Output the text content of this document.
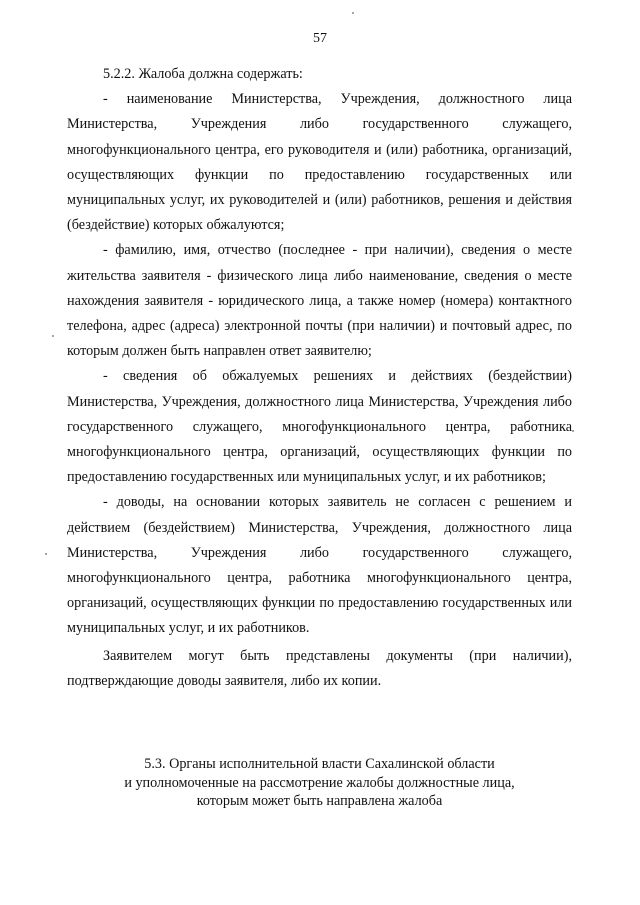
57

5.2.2. Жалоба должна содержать:

- наименование Министерства, Учреждения, должностного лица Министерства, Учреждения либо государственного служащего, многофункционального центра, его руководителя и (или) работника, организаций, осуществляющих функции по предоставлению государственных или муниципальных услуг, их руководителей и (или) работников, решения и действия (бездействие) которых обжалуются;

- фамилию, имя, отчество (последнее - при наличии), сведения о месте жительства заявителя - физического лица либо наименование, сведения о месте нахождения заявителя - юридического лица, а также номер (номера) контактного телефона, адрес (адреса) электронной почты (при наличии) и почтовый адрес, по которым должен быть направлен ответ заявителю;

- сведения об обжалуемых решениях и действиях (бездействии) Министерства, Учреждения, должностного лица Министерства, Учреждения либо государственного служащего, многофункционального центра, работника многофункционального центра, организаций, осуществляющих функции по предоставлению государственных или муниципальных услуг, и их работников;

- доводы, на основании которых заявитель не согласен с решением и действием (бездействием) Министерства, Учреждения, должностного лица Министерства, Учреждения либо государственного служащего, многофункционального центра, работника многофункционального центра, организаций, осуществляющих функции по предоставлению государственных или муниципальных услуг, и их работников.

Заявителем могут быть представлены документы (при наличии), подтверждающие доводы заявителя, либо их копии.

5.3. Органы исполнительной власти Сахалинской области
и уполномоченные на рассмотрение жалобы должностные лица,
которым может быть направлена жалоба
